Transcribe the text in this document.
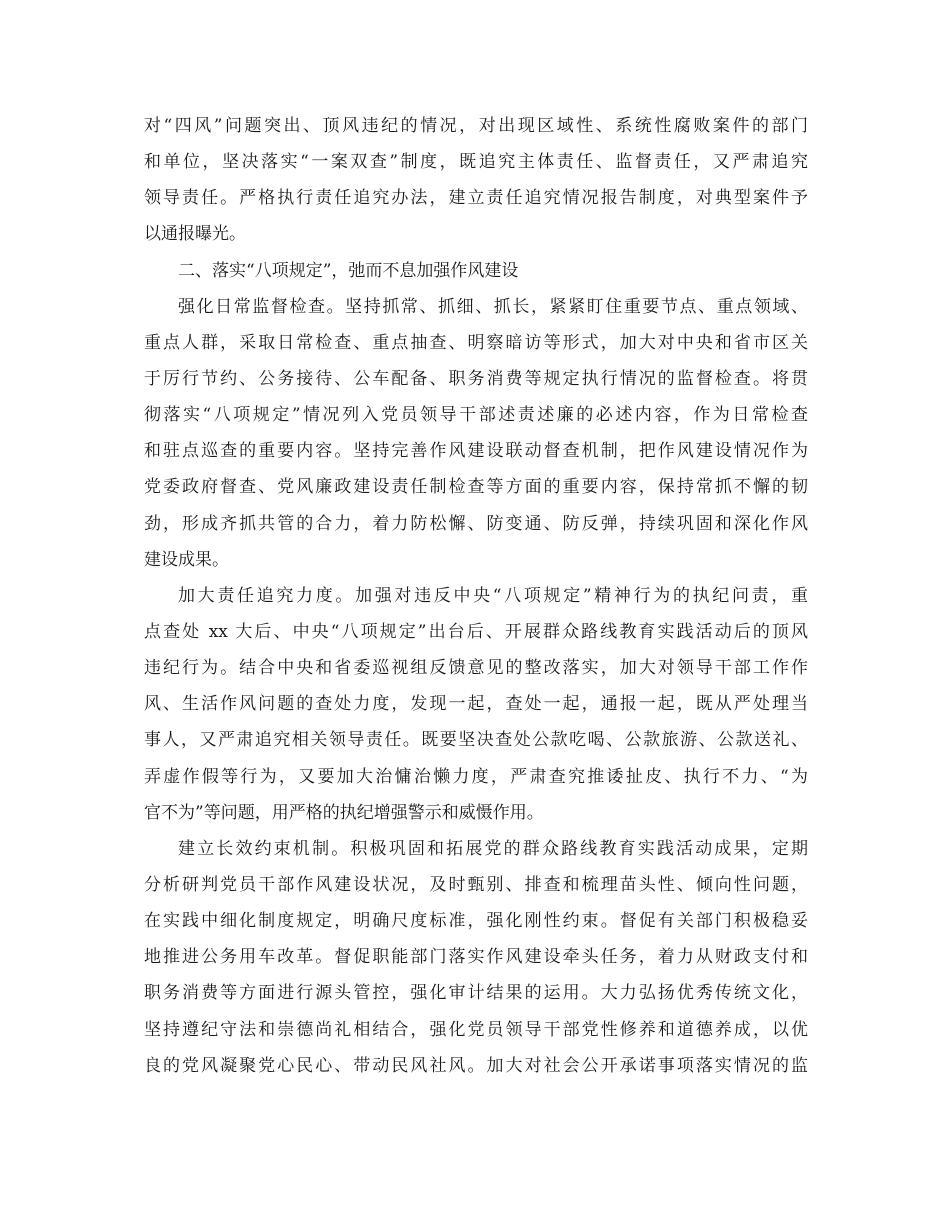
对“四风”问题突出、顶风违纪的情况，对出现区域性、系统性腐败案件的部门
和单位，坚决落实“一案双查”制度，既追究主体责任、监督责任，又严肃追究
领导责任。严格执行责任追究办法，建立责任追究情况报告制度，对典型案件予
以通报曝光。
二、落实“八项规定”，弛而不息加强作风建设
强化日常监督检查。坚持抓常、抓细、抓长，紧紧盯住重要节点、重点领域、
重点人群，采取日常检查、重点抽查、明察暗访等形式，加大对中央和省市区关
于厉行节约、公务接待、公车配备、职务消费等规定执行情况的监督检查。将贯
彻落实“八项规定”情况列入党员领导干部述责述廉的必述内容，作为日常检查
和驻点巡查的重要内容。坚持完善作风建设联动督查机制，把作风建设情况作为
党委政府督查、党风廉政建设责任制检查等方面的重要内容，保持常抓不懈的韧
劲，形成齐抓共管的合力，着力防松懈、防变通、防反弹，持续巩固和深化作风
建设成果。
加大责任追究力度。加强对违反中央“八项规定”精神行为的执纪问责，重
点查处 xx 大后、中央“八项规定”出台后、开展群众路线教育实践活动后的顶风
违纪行为。结合中央和省委巡视组反馈意见的整改落实，加大对领导干部工作作
风、生活作风问题的查处力度，发现一起，查处一起，通报一起，既从严处理当
事人，又严肃追究相关领导责任。既要坚决查处公款吃喝、公款旅游、公款送礼、
弄虚作假等行为，又要加大治慵治懒力度，严肃查究推诿扯皮、执行不力、“为
官不为”等问题，用严格的执纪增强警示和威慑作用。
建立长效约束机制。积极巩固和拓展党的群众路线教育实践活动成果，定期
分析研判党员干部作风建设状况，及时甄别、排查和梳理苗头性、倾向性问题，
在实践中细化制度规定，明确尺度标准，强化刚性约束。督促有关部门积极稳妥
地推进公务用车改革。督促职能部门落实作风建设牵头任务，着力从财政支付和
职务消费等方面进行源头管控，强化审计结果的运用。大力弘扬优秀传统文化，
坚持遵纪守法和崇德尚礼相结合，强化党员领导干部党性修养和道德养成，以优
良的党风凝聚党心民心、带动民风社风。加大对社会公开承诺事项落实情况的监
